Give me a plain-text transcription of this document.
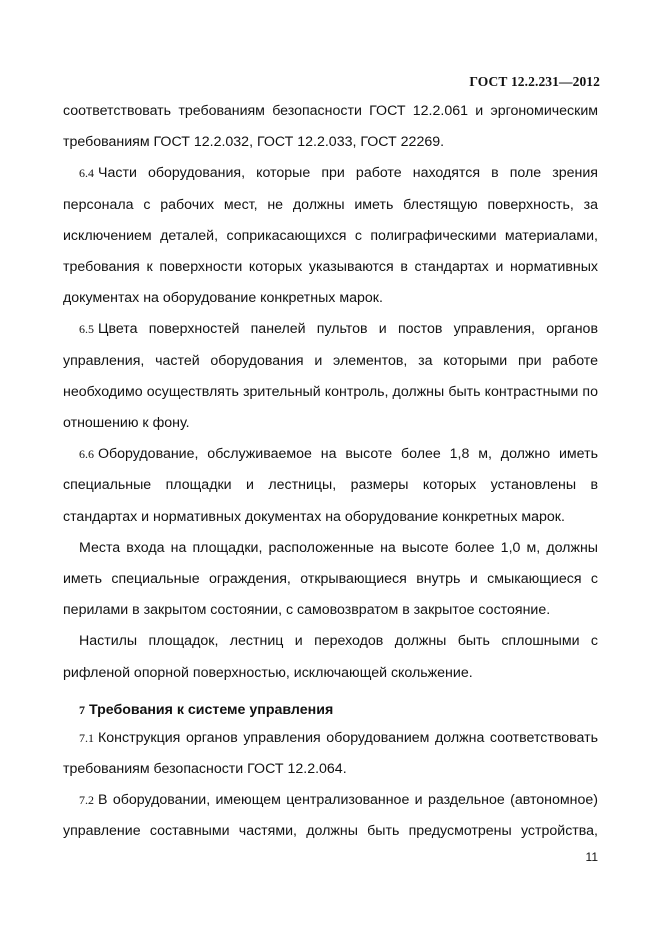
ГОСТ 12.2.231—2012

соответствовать требованиям безопасности ГОСТ 12.2.061 и эргономическим требованиям ГОСТ 12.2.032, ГОСТ 12.2.033, ГОСТ 22269.

6.4 Части оборудования, которые при работе находятся в поле зрения персонала с рабочих мест, не должны иметь блестящую поверхность, за исключением деталей, соприкасающихся с полиграфическими материалами, требования к поверхности которых указываются в стандартах и нормативных документах на оборудование конкретных марок.

6.5 Цвета поверхностей панелей пультов и постов управления, органов управления, частей оборудования и элементов, за которыми при работе необходимо осуществлять зрительный контроль, должны быть контрастными по отношению к фону.

6.6 Оборудование, обслуживаемое на высоте более 1,8 м, должно иметь специальные площадки и лестницы, размеры которых установлены в стандартах и нормативных документах на оборудование конкретных марок.

Места входа на площадки, расположенные на высоте более 1,0 м, должны иметь специальные ограждения, открывающиеся внутрь и смыкающиеся с перилами в закрытом состоянии, с самовозвратом в закрытое состояние.

Настилы площадок, лестниц и переходов должны быть сплошными с рифленой опорной поверхностью, исключающей скольжение.

7 Требования к системе управления

7.1 Конструкция органов управления оборудованием должна соответствовать требованиям безопасности ГОСТ 12.2.064.

7.2 В оборудовании, имеющем централизованное и раздельное (автономное) управление составными частями, должны быть предусмотрены устройства,

11
